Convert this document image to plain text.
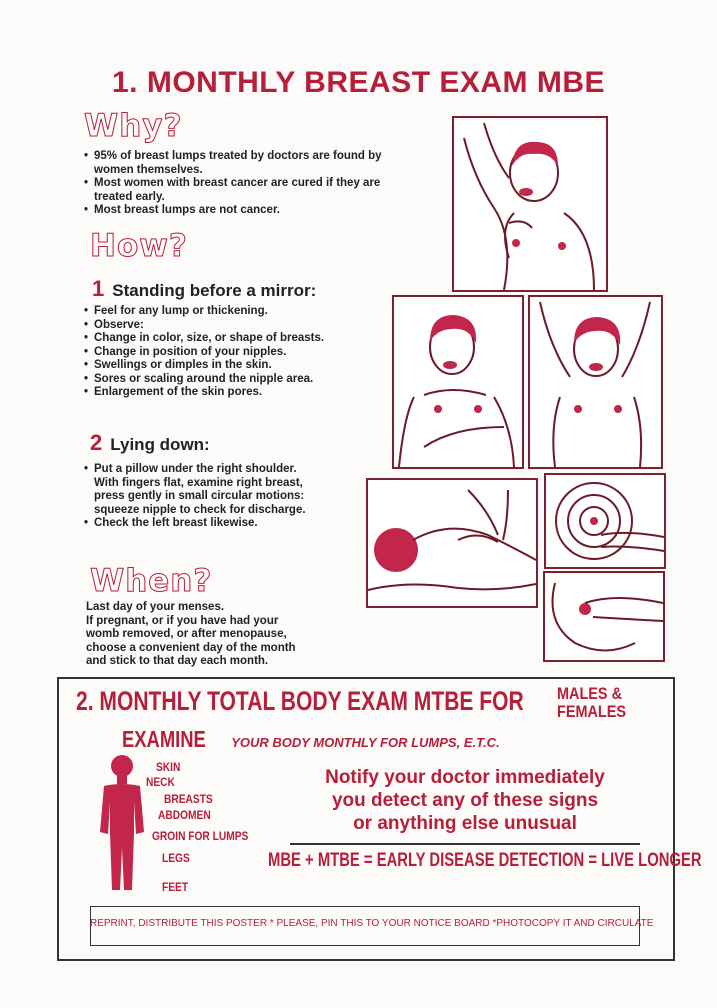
1. MONTHLY BREAST EXAM MBE
Why?
• 95% of breast lumps treated by doctors are found by women themselves.
• Most women with breast cancer are cured if they are treated early.
• Most breast lumps are not cancer.
How?
1 Standing before a mirror:
• Feel for any lump or thickening.
• Observe:
• Change in color, size, or shape of breasts.
• Change in position of your nipples.
• Swellings or dimples in the skin.
• Sores or scaling around the nipple area.
• Enlargement of the skin pores.
2 Lying down:
• Put a pillow under the right shoulder. With fingers flat, examine right breast, press gently in small circular motions: squeeze nipple to check for discharge.
• Check the left breast likewise.
When?
Last day of your menses.
If pregnant, or if you have had your
womb removed, or after menopause,
choose a convenient day of the month
and stick to that day each month.
2. MONTHLY TOTAL BODY EXAM MTBE FOR MALES &
FEMALES
EXAMINE YOUR BODY MONTHLY FOR LUMPS, E.T.C.
SKIN
NECK
BREASTS
ABDOMEN
GROIN FOR LUMPS
LEGS
FEET
Notify your doctor immediately
you detect any of these signs
or anything else unusual
MBE + MTBE = EARLY DISEASE DETECTION = LIVE LONGER
REPRINT, DISTRIBUTE THIS POSTER * PLEASE, PIN THIS TO YOUR NOTICE BOARD *PHOTOCOPY IT AND CIRCULATE
